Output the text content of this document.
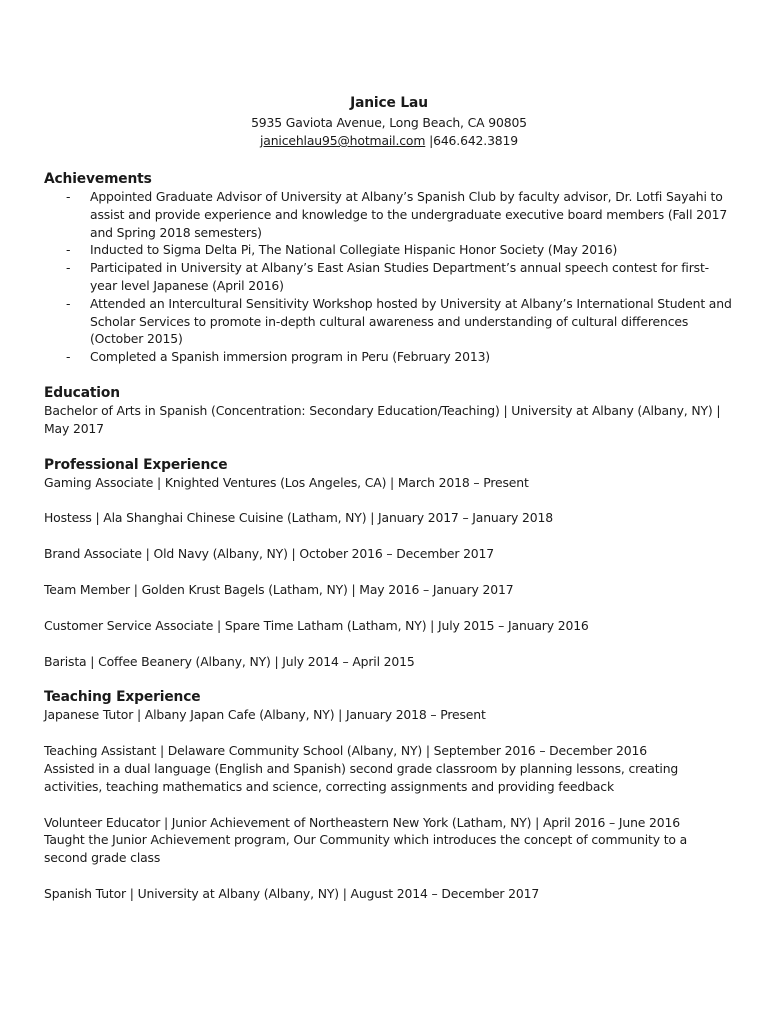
Janice Lau
5935 Gaviota Avenue, Long Beach, CA 90805
janicehlau95@hotmail.com |646.642.3819
Achievements
- Appointed Graduate Advisor of University at Albany’s Spanish Club by faculty advisor, Dr. Lotfi Sayahi to assist and provide experience and knowledge to the undergraduate executive board members (Fall 2017 and Spring 2018 semesters)
- Inducted to Sigma Delta Pi, The National Collegiate Hispanic Honor Society (May 2016)
- Participated in University at Albany’s East Asian Studies Department’s annual speech contest for first-year level Japanese (April 2016)
- Attended an Intercultural Sensitivity Workshop hosted by University at Albany’s International Student and Scholar Services to promote in-depth cultural awareness and understanding of cultural differences (October 2015)
- Completed a Spanish immersion program in Peru (February 2013)
Education
Bachelor of Arts in Spanish (Concentration: Secondary Education/Teaching) | University at Albany (Albany, NY) | May 2017
Professional Experience
Gaming Associate | Knighted Ventures (Los Angeles, CA) | March 2018 – Present
Hostess | Ala Shanghai Chinese Cuisine (Latham, NY) | January 2017 – January 2018
Brand Associate | Old Navy (Albany, NY) | October 2016 – December 2017
Team Member | Golden Krust Bagels (Latham, NY) | May 2016 – January 2017
Customer Service Associate | Spare Time Latham (Latham, NY) | July 2015 – January 2016
Barista | Coffee Beanery (Albany, NY) | July 2014 – April 2015
Teaching Experience
Japanese Tutor | Albany Japan Cafe (Albany, NY) | January 2018 – Present
Teaching Assistant | Delaware Community School (Albany, NY) | September 2016 – December 2016
Assisted in a dual language (English and Spanish) second grade classroom by planning lessons, creating activities, teaching mathematics and science, correcting assignments and providing feedback
Volunteer Educator | Junior Achievement of Northeastern New York (Latham, NY) | April 2016 – June 2016
Taught the Junior Achievement program, Our Community which introduces the concept of community to a second grade class
Spanish Tutor | University at Albany (Albany, NY) | August 2014 – December 2017
